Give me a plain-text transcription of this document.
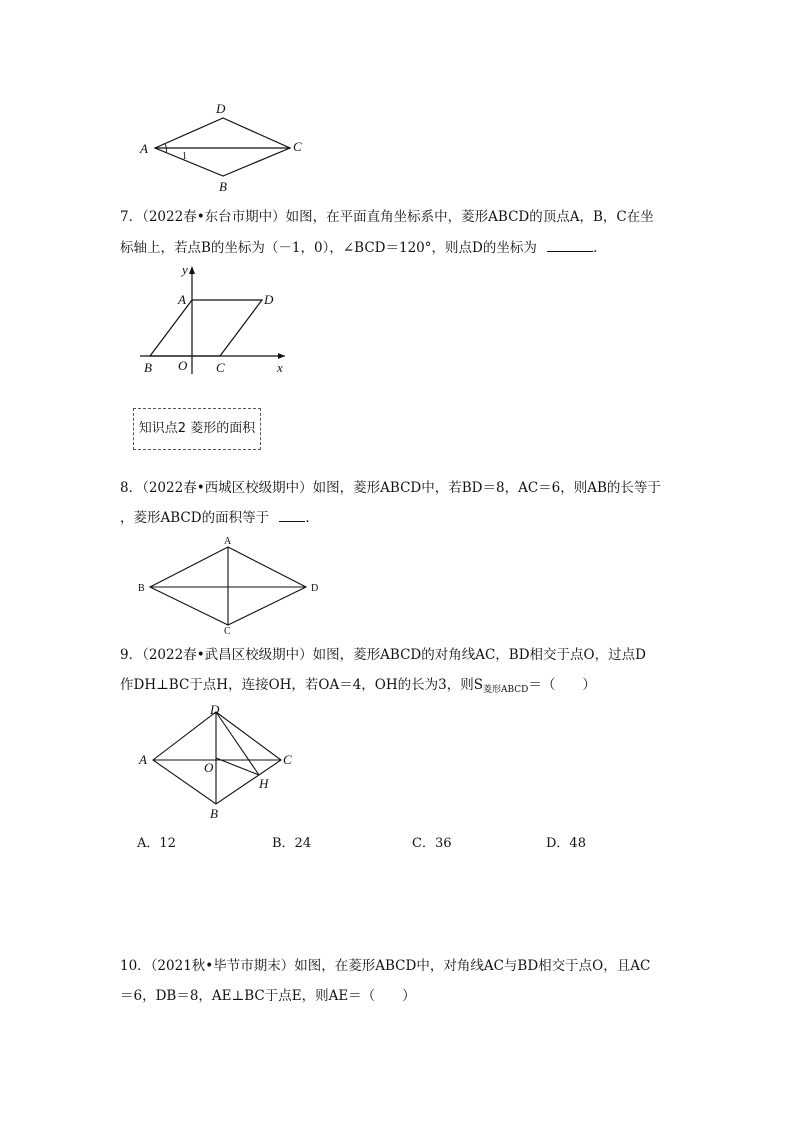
D
A	C
B
1
7．（2022春•东台市期中）如图，在平面直角坐标系中，菱形ABCD的顶点A，B，C在坐
标轴上，若点B的坐标为（－1，0），∠BCD＝120°，则点D的坐标为	．
y
A	D
B O C	x
知识点2 菱形的面积
8．（2022春•西城区校级期中）如图，菱形ABCD中，若BD＝8，AC＝6，则AB的长等于
，菱形ABCD的面积等于	．
A
B	D
C
9．（2022春•武昌区校级期中）如图，菱形ABCD的对角线AC，BD相交于点O，过点D
作DH⊥BC于点H，连接OH，若OA＝4，OH的长为3，则$S_{菱形ABCD}=$（　　）
D
A
O
C
H
B
A．12	B．24	C．36	D．48
10．（2021秋•毕节市期末）如图，在菱形ABCD中，对角线AC与BD相交于点O，且AC
＝6，DB＝8，AE⊥BC于点E，则AE＝（　　）
